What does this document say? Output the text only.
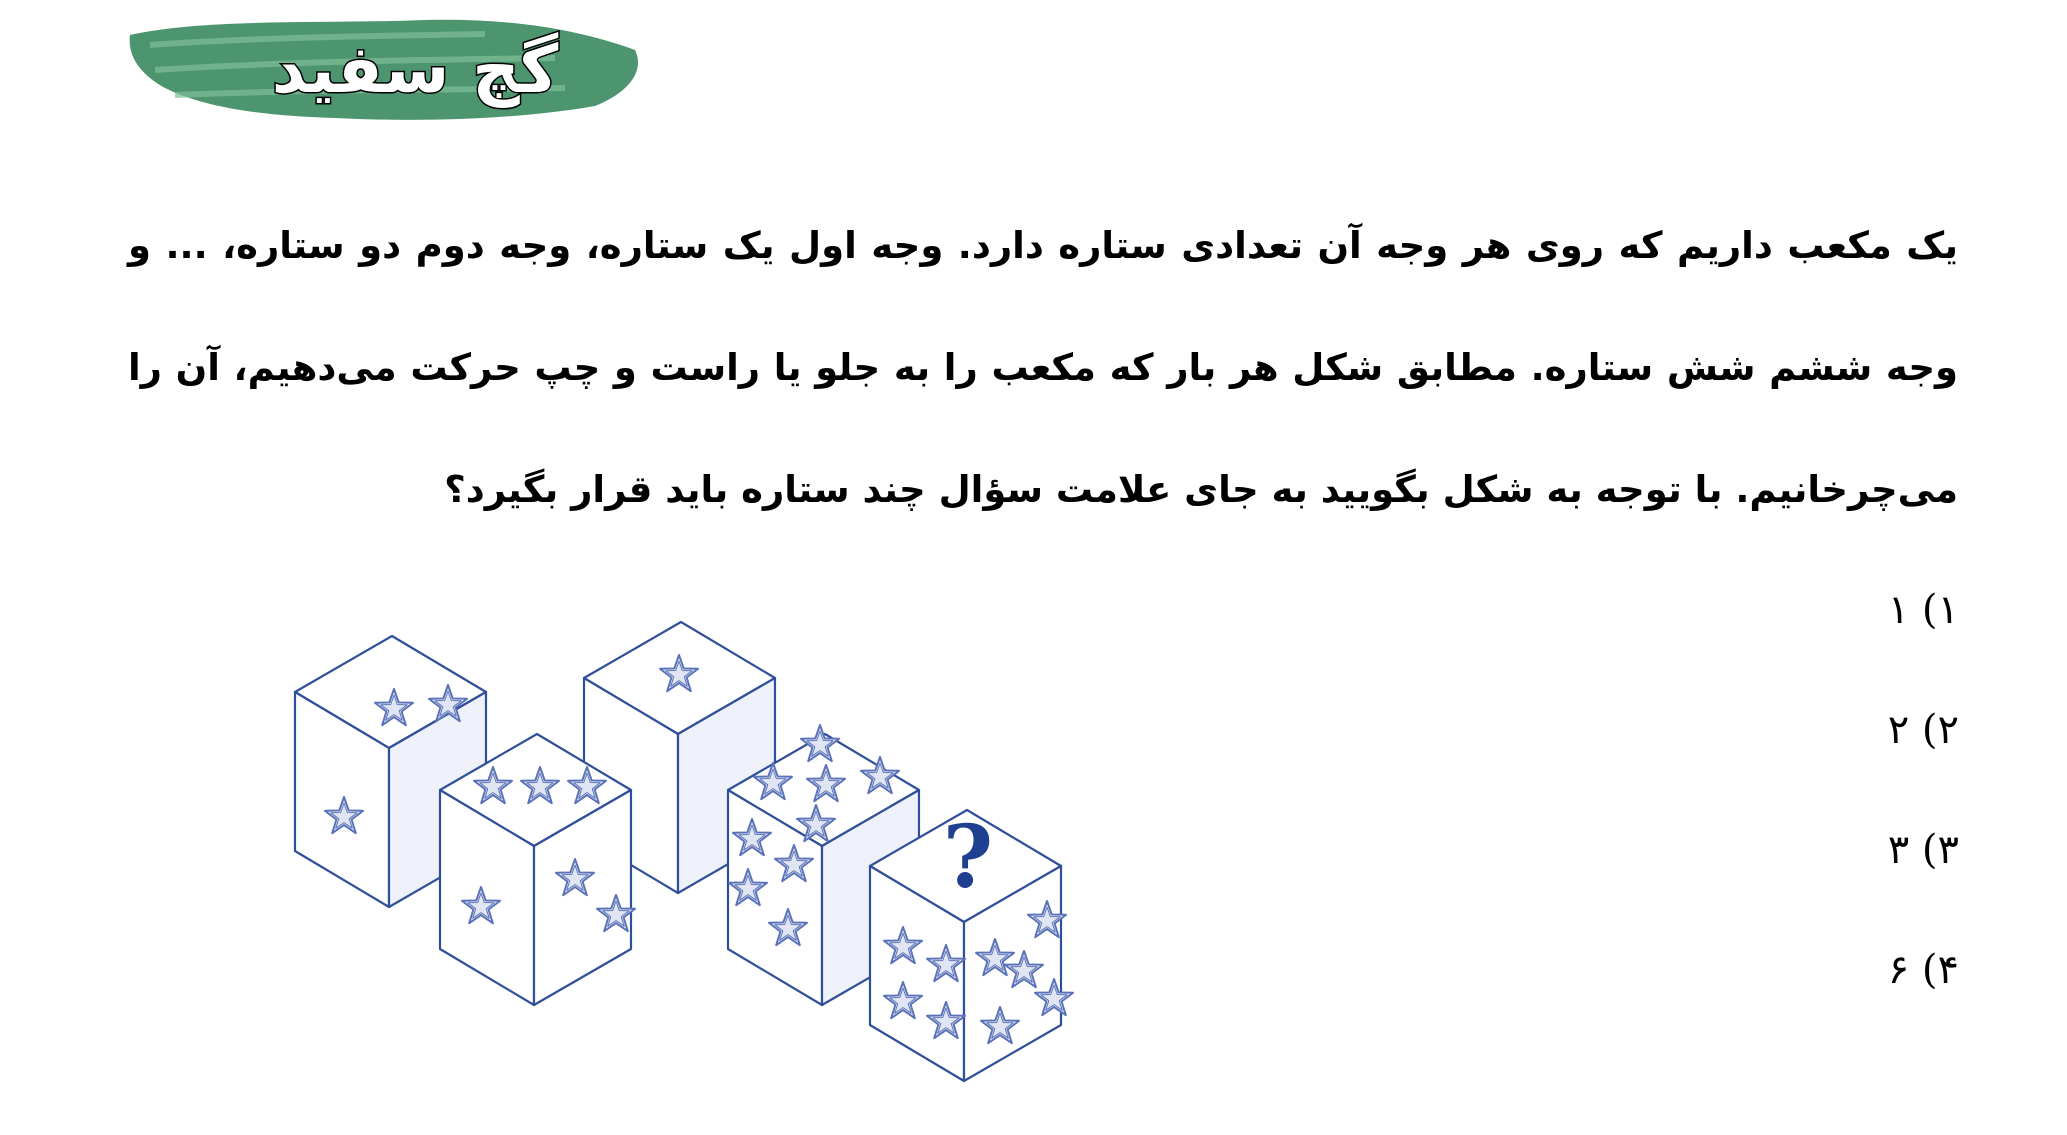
گچ سفید

یک مکعب داریم که روی هر وجه آن تعدادی ستاره دارد. وجه اول یک ستاره، وجه دوم دو ستاره، ... و وجه ششم شش ستاره. مطابق شکل هر بار که مکعب را به جلو یا راست و چپ حرکت می‌دهیم، آن را می‌چرخانیم. با توجه به شکل بگویید به جای علامت سؤال چند ستاره باید قرار بگیرد؟

۱) ۱
۲) ۲
۳) ۳
۴) ۶
?
